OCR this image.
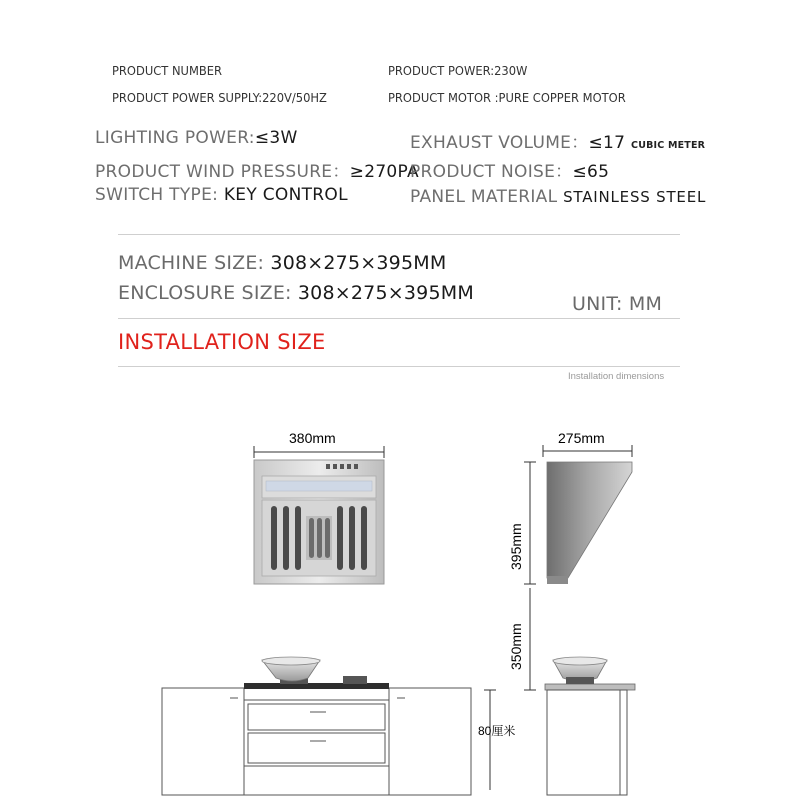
PRODUCT NUMBER
PRODUCT POWER SUPPLY:220V/50HZ
PRODUCT POWER:230W
PRODUCT MOTOR :PURE COPPER MOTOR
LIGHTING POWER:≤3W
PRODUCT WIND PRESSURE：≥270PA
SWITCH TYPE: KEY CONTROL
EXHAUST VOLUME：≤17 CUBIC METER
PRODUCT NOISE：≤65
PANEL MATERIAL STAINLESS STEEL
MACHINE SIZE: 308×275×395MM
ENCLOSURE SIZE: 308×275×395MM	UNIT: MM
INSTALLATION SIZE
Installation dimensions
380mm	275mm
395mm
350mm
80厘米
